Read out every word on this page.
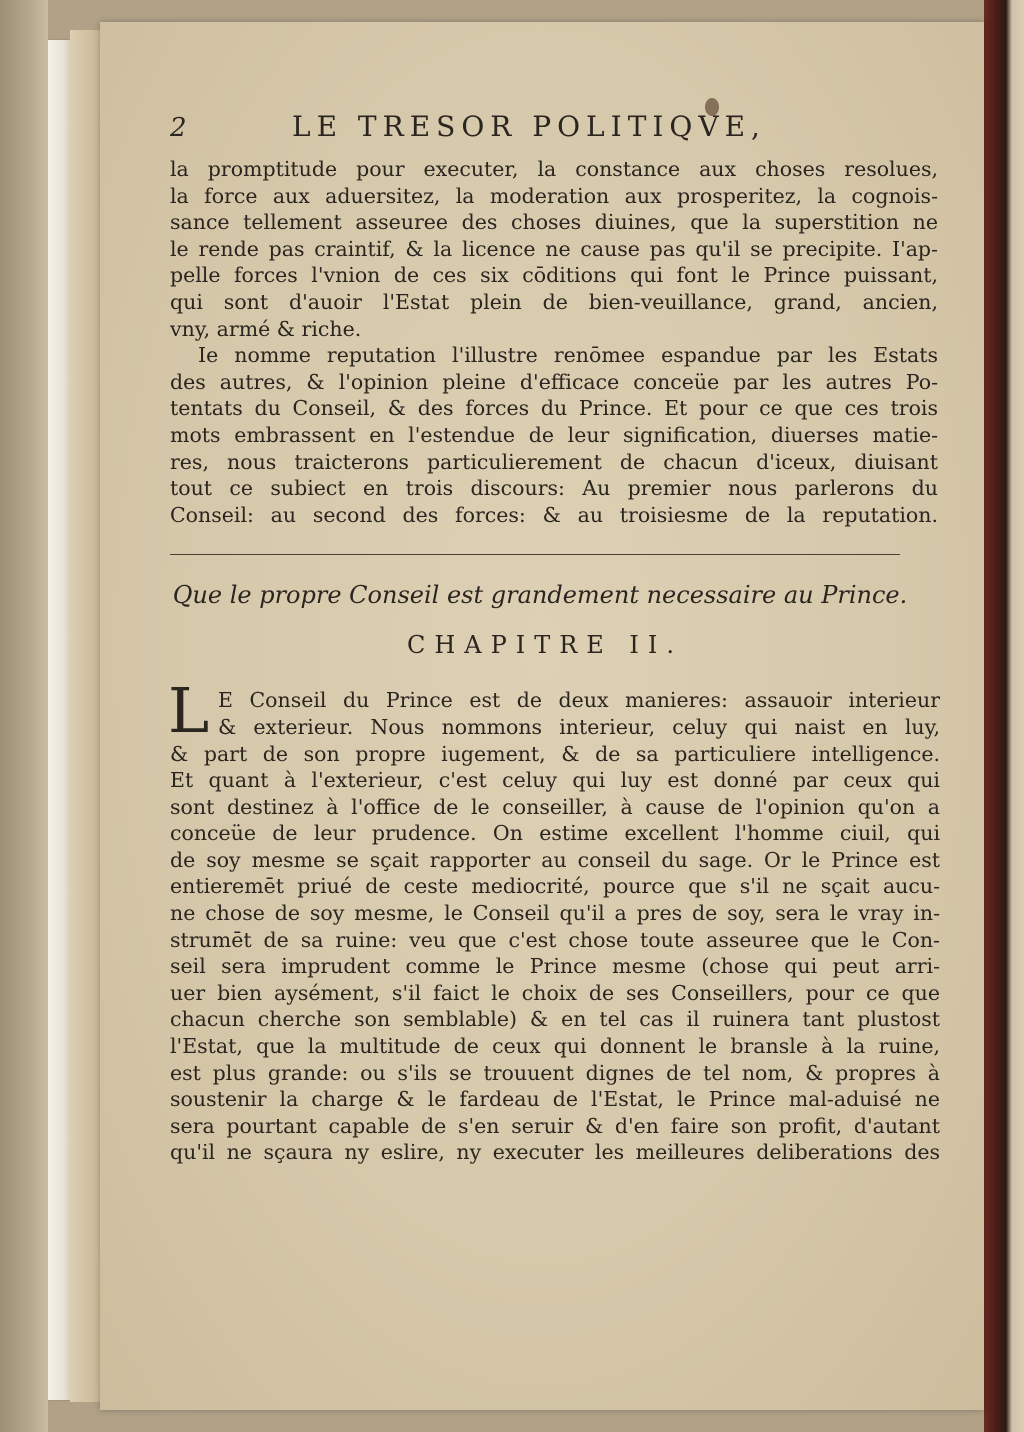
2	LE TRESOR POLITIQVE,
la promptitude pour executer, la constance aux choses resolues,
la force aux aduersitez, la moderation aux prosperitez, la cognois-
sance tellement asseuree des choses diuines, que la superstition ne
le rende pas craintif, & la licence ne cause pas qu'il se precipite. I'ap-
pelle forces l'vnion de ces six cōditions qui font le Prince puissant,
qui sont d'auoir l'Estat plein de bien-veuillance, grand, ancien,
vny, armé & riche.
Ie nomme reputation l'illustre renōmee espandue par les Estats
des autres, & l'opinion pleine d'efficace conceüe par les autres Po-
tentats du Conseil, & des forces du Prince. Et pour ce que ces trois
mots embrassent en l'estendue de leur signification, diuerses matie-
res, nous traicterons particulierement de chacun d'iceux, diuisant
tout ce subiect en trois discours: Au premier nous parlerons du
Conseil: au second des forces: & au troisiesme de la reputation.
Que le propre Conseil est grandement necessaire au Prince.
CHAPITRE II.
L E Conseil du Prince est de deux manieres: assauoir interieur
& exterieur. Nous nommons interieur, celuy qui naist en luy,
& part de son propre iugement, & de sa particuliere intelligence.
Et quant à l'exterieur, c'est celuy qui luy est donné par ceux qui
sont destinez à l'office de le conseiller, à cause de l'opinion qu'on a
conceüe de leur prudence. On estime excellent l'homme ciuil, qui
de soy mesme se sçait rapporter au conseil du sage. Or le Prince est
entieremēt priué de ceste mediocrité, pource que s'il ne sçait aucu-
ne chose de soy mesme, le Conseil qu'il a pres de soy, sera le vray in-
strumēt de sa ruine: veu que c'est chose toute asseuree que le Con-
seil sera imprudent comme le Prince mesme (chose qui peut arri-
uer bien aysément, s'il faict le choix de ses Conseillers, pour ce que
chacun cherche son semblable) & en tel cas il ruinera tant plustost
l'Estat, que la multitude de ceux qui donnent le bransle à la ruine,
est plus grande: ou s'ils se trouuent dignes de tel nom, & propres à
soustenir la charge & le fardeau de l'Estat, le Prince mal-aduisé ne
sera pourtant capable de s'en seruir & d'en faire son profit, d'autant
qu'il ne sçaura ny eslire, ny executer les meilleures deliberations des
